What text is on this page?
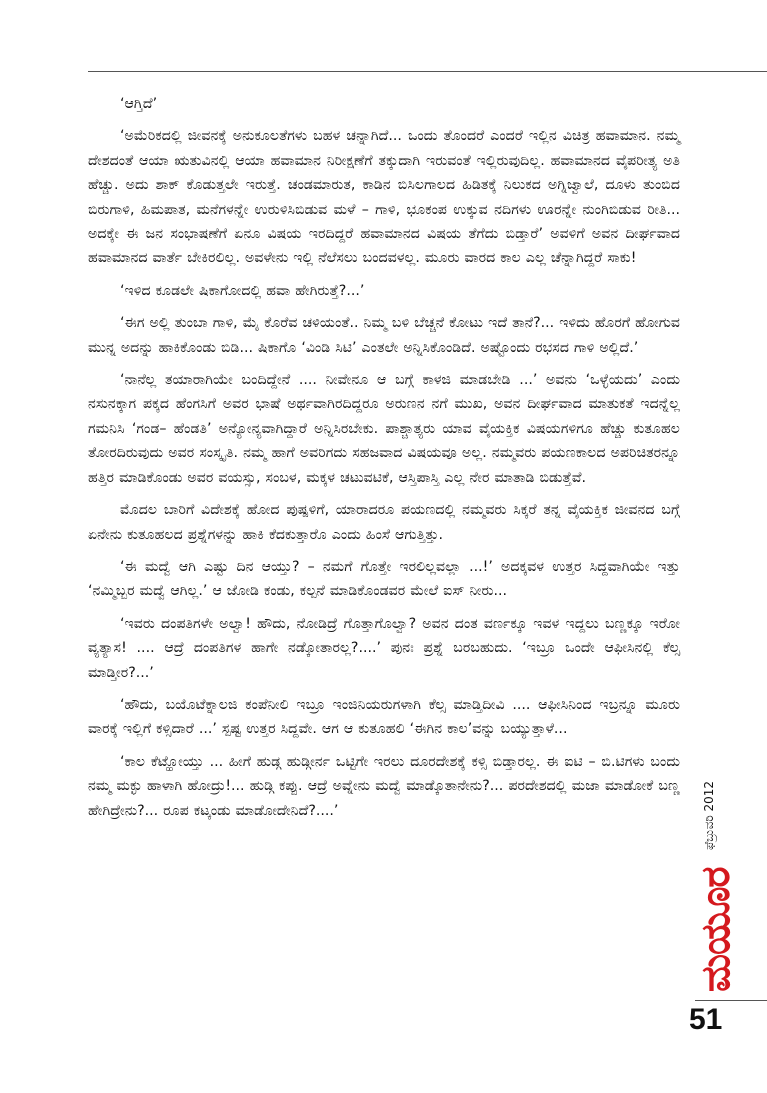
‘ಆಗ್ತಿದೆ’

‘ಅಮೆರಿಕದಲ್ಲಿ ಜೀವನಕ್ಕೆ ಅನುಕೂಲತೆಗಳು ಬಹಳ ಚನ್ನಾಗಿದೆ... ಒಂದು ತೊಂದರೆ ಎಂದರೆ ಇಲ್ಲಿನ ವಿಚಿತ್ರ ಹವಾಮಾನ. ನಮ್ಮ ದೇಶದಂತೆ ಆಯಾ ಋತುವಿನಲ್ಲಿ ಆಯಾ ಹವಾಮಾನ ನಿರೀಕ್ಷಣೆಗೆ ತಕ್ಕುದಾಗಿ ಇರುವಂತೆ ಇಲ್ಲಿರುವುದಿಲ್ಲ. ಹವಾಮಾನದ ವೈಪರೀತ್ಯ ಅತಿ ಹೆಚ್ಚು. ಅದು ಶಾಕ್ ಕೊಡುತ್ತಲೇ ಇರುತ್ತೆ. ಚಂಡಮಾರುತ, ಕಾಡಿನ ಬಿಸಿಲಗಾಲದ ಹಿಡಿತಕ್ಕೆ ನಿಲುಕದ ಅಗ್ನಿಜ್ವಾಲೆ, ದೂಳು ತುಂಬಿದ ಬಿರುಗಾಳಿ, ಹಿಮಪಾತ, ಮನೆಗಳನ್ನೇ ಉರುಳಿಸಿಬಿಡುವ ಮಳೆ – ಗಾಳಿ, ಭೂಕಂಪ ಉಕ್ಕುವ ನದಿಗಳು ಊರನ್ನೇ ನುಂಗಿಬಿಡುವ ರೀತಿ... ಅದಕ್ಕೇ ಈ ಜನ ಸಂಭಾಷಣೆಗೆ ಏನೂ ವಿಷಯ ಇರದಿದ್ದರೆ ಹವಾಮಾನದ ವಿಷಯ ತೆಗೆದು ಬಿಡ್ತಾರೆ’ ಅವಳಿಗೆ ಅವನ ದೀರ್ಘವಾದ ಹವಾಮಾನದ ವಾರ್ತೆ ಬೇಕಿರಲಿಲ್ಲ. ಅವಳೇನು ಇಲ್ಲಿ ನೆಲೆಸಲು ಬಂದವಳಲ್ಲ. ಮೂರು ವಾರದ ಕಾಲ ಎಲ್ಲ ಚೆನ್ನಾಗಿದ್ದರೆ ಸಾಕು!

‘ಇಳಿದ ಕೂಡಲೇ ಷಿಕಾಗೋದಲ್ಲಿ ಹವಾ ಹೇಗಿರುತ್ತೆ?...’

‘ಈಗ ಅಲ್ಲಿ ತುಂಬಾ ಗಾಳಿ, ಮೈ ಕೊರೆವ ಚಳಿಯಂತೆ.. ನಿಮ್ಮ ಬಳಿ ಬೆಚ್ಚನೆ ಕೋಟು ಇದೆ ತಾನೆ?... ಇಳಿದು ಹೊರಗೆ ಹೋಗುವ ಮುನ್ನ ಅದನ್ನು ಹಾಕಿಕೊಂಡು ಬಿಡಿ... ಷಿಕಾಗೊ ‘ವಿಂಡಿ ಸಿಟಿ’ ಎಂತಲೇ ಅನ್ನಿಸಿಕೊಂಡಿದೆ. ಅಷ್ಟೊಂದು ರಭಸದ ಗಾಳಿ ಅಲ್ಲಿದೆ.’

‘ನಾನೆಲ್ಲ ತಯಾರಾಗಿಯೇ ಬಂದಿದ್ದೇನೆ .... ನೀವೇನೂ ಆ ಬಗ್ಗೆ ಕಾಳಜಿ ಮಾಡಬೇಡಿ ...’ ಅವನು ‘ಒಳ್ಳೆಯದು’ ಎಂದು ನಸುನಕ್ಕಾಗ ಪಕ್ಕದ ಹೆಂಗಸಿಗೆ ಅವರ ಭಾಷೆ ಅರ್ಥವಾಗಿರದಿದ್ದರೂ ಅರುಣನ ನಗೆ ಮುಖ, ಅವನ ದೀರ್ಘವಾದ ಮಾತುಕತೆ ಇದನ್ನೆಲ್ಲ ಗಮನಿಸಿ ‘ಗಂಡ– ಹೆಂಡತಿ’ ಅನ್ಯೋನ್ಯವಾಗಿದ್ದಾರೆ ಅನ್ನಿಸಿರಬೇಕು. ಪಾಶ್ಚಾತ್ಯರು ಯಾವ ವೈಯಕ್ತಿಕ ವಿಷಯಗಳಿಗೂ ಹೆಚ್ಚು ಕುತೂಹಲ ತೋರದಿರುವುದು ಅವರ ಸಂಸ್ಕೃತಿ. ನಮ್ಮ ಹಾಗೆ ಅವರಿಗದು ಸಹಜವಾದ ವಿಷಯವೂ ಅಲ್ಲ. ನಮ್ಮವರು ಪಯಣಕಾಲದ ಅಪರಿಚಿತರನ್ನೂ ಹತ್ತಿರ ಮಾಡಿಕೊಂಡು ಅವರ ವಯಸ್ಸು, ಸಂಬಳ, ಮಕ್ಕಳ ಚಟುವಟಿಕೆ, ಆಸ್ತಿಪಾಸ್ತಿ ಎಲ್ಲ ನೇರ ಮಾತಾಡಿ ಬಿಡುತ್ತೆವೆ.

ಮೊದಲ ಬಾರಿಗೆ ವಿದೇಶಕ್ಕೆ ಹೋದ ಪುಷ್ಪಳಿಗೆ, ಯಾರಾದರೂ ಪಯಣದಲ್ಲಿ ನಮ್ಮವರು ಸಿಕ್ಕರೆ ತನ್ನ ವೈಯಕ್ತಿಕ ಜೀವನದ ಬಗ್ಗೆ ಏನೇನು ಕುತೂಹಲದ ಪ್ರಶ್ನೆಗಳನ್ನು ಹಾಕಿ ಕೆದಕುತ್ತಾರೊ ಎಂದು ಹಿಂಸೆ ಆಗುತ್ತಿತ್ತು.

‘ಈ ಮದ್ವೆ ಆಗಿ ಎಷ್ಟು ದಿನ ಆಯ್ತು? – ನಮಗೆ ಗೊತ್ತೇ ಇರಲಿಲ್ಲವಲ್ಲಾ ...!’ ಅದಕ್ಕವಳ ಉತ್ತರ ಸಿದ್ದವಾಗಿಯೇ ಇತ್ತು ‘ನಮ್ಮಿಬ್ಬರ ಮದ್ವೆ ಆಗಿಲ್ಲ.’ ಆ ಜೋಡಿ ಕಂಡು, ಕಲ್ಪನೆ ಮಾಡಿಕೊಂಡವರ ಮೇಲೆ ಐಸ್ ನೀರು...

‘ಇವರು ದಂಪತಿಗಳೇ ಅಲ್ವಾ! ಹೌದು, ನೋಡಿದ್ರೆ ಗೊತ್ತಾಗೊಲ್ವಾ? ಅವನ ದಂತ ವರ್ಣಕ್ಕೂ ಇವಳ ಇದ್ದಲು ಬಣ್ಣಕ್ಕೂ ಇರೋ ವ್ಯತ್ಯಾಸ! .... ಆದ್ರೆ ದಂಪತಿಗಳ ಹಾಗೇ ನಡ್ಕೋತಾರಲ್ಲ?....’ ಪುನಃ ಪ್ರಶ್ನೆ ಬರಬಹುದು. ‘ಇಬ್ರೂ ಒಂದೇ ಆಫೀಸಿನಲ್ಲಿ ಕೆಲ್ಸ ಮಾಡ್ತೀರ?...’

‘ಹೌದು, ಬಯೊಟೆಕ್ನಾಲಜಿ ಕಂಪೆನೀಲಿ ಇಬ್ರೂ ಇಂಜಿನಿಯರುಗಳಾಗಿ ಕೆಲ್ಸ ಮಾಡ್ತಿದೀವಿ .... ಆಫೀಸಿನಿಂದ ಇಬ್ರನ್ನೂ ಮೂರು ವಾರಕ್ಕೆ ಇಲ್ಲಿಗೆ ಕಳ್ಸಿದಾರೆ ...’ ಸ್ಪಷ್ಟ ಉತ್ತರ ಸಿದ್ದವೇ. ಆಗ ಆ ಕುತೂಹಲಿ ‘ಈಗಿನ ಕಾಲ’ವನ್ನು ಬಯ್ಯುತ್ತಾಳೆ...

‘ಕಾಲ ಕೆಟ್ಹೋಯ್ತು ... ಹೀಗೆ ಹುಡ್ಗ ಹುಡ್ಗೀರ್ನ ಒಟ್ಟಿಗೇ ಇರಲು ದೂರದೇಶಕ್ಕೆ ಕಳ್ಸಿ ಬಿಡ್ತಾರಲ್ಲ. ಈ ಐಟಿ – ಬಿ.ಟಿಗಳು ಬಂದು ನಮ್ಮ ಮಕ್ಳು ಹಾಳಾಗಿ ಹೋದ್ರು!... ಹುಡ್ಗಿ ಕಪ್ಪು. ಆದ್ರೆ ಅವ್ನೇನು ಮದ್ವೆ ಮಾಡ್ಕೊತಾನೇನು?... ಪರದೇಶದಲ್ಲಿ ಮಜಾ ಮಾಡೋಕೆ ಬಣ್ಣ ಹೇಗಿದ್ರೇನು?... ರೂಪ ಕಟ್ಕಂಡು ಮಾಡೋದೇನಿದೆ?....’	ಫೆಬ್ರುವರಿ 2012
ಮಯೂರ
51
